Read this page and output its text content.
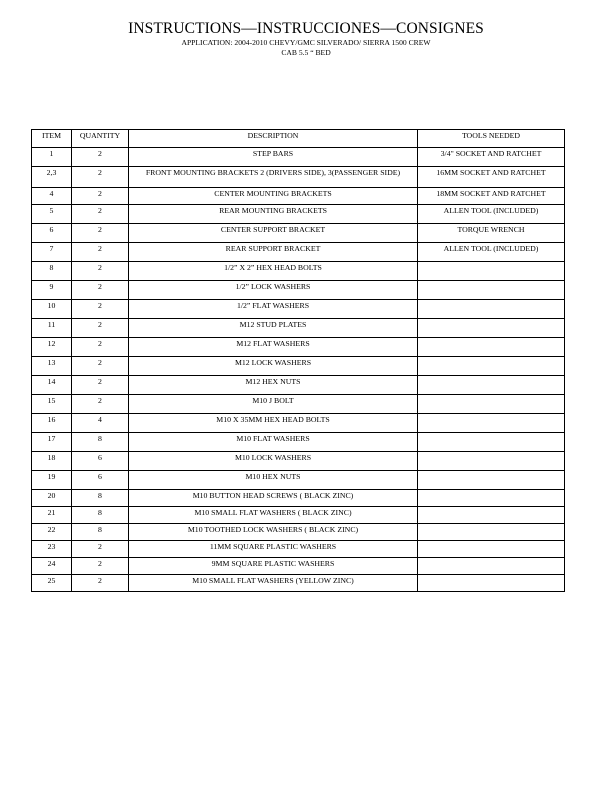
INSTRUCTIONS—INSTRUCCIONES—CONSIGNES

APPLICATION: 2004-2010 CHEVY/GMC SILVERADO/ SIERRA 1500 CREW

CAB 5.5 “ BED

ITEM	QUANTITY	DESCRIPTION	TOOLS NEEDED
1	2	STEP BARS	3/4" SOCKET AND RATCHET
2,3	2	FRONT MOUNTING BRACKETS 2 (DRIVERS SIDE), 3(PASSENGER SIDE)	16MM SOCKET AND RATCHET
4	2	CENTER MOUNTING BRACKETS	18MM SOCKET AND RATCHET
5	2	REAR MOUNTING BRACKETS	ALLEN TOOL (INCLUDED)
6	2	CENTER SUPPORT BRACKET	TORQUE WRENCH
7	2	REAR SUPPORT BRACKET	ALLEN TOOL (INCLUDED)
8	2	1/2” X 2” HEX HEAD BOLTS	
9	2	1/2” LOCK WASHERS	
10	2	1/2” FLAT WASHERS	
11	2	M12 STUD PLATES	
12	2	M12 FLAT WASHERS	
13	2	M12 LOCK WASHERS	
14	2	M12 HEX NUTS	
15	2	M10 J BOLT	
16	4	M10 X 35MM HEX HEAD BOLTS	
17	8	M10 FLAT WASHERS	
18	6	M10 LOCK WASHERS	
19	6	M10 HEX NUTS	
20	8	M10 BUTTON HEAD SCREWS ( BLACK ZINC)	
21	8	M10 SMALL FLAT WASHERS ( BLACK ZINC)	
22	8	M10 TOOTHED LOCK WASHERS ( BLACK ZINC)	
23	2	11MM SQUARE PLASTIC WASHERS	
24	2	9MM SQUARE PLASTIC WASHERS	
25	2	M10 SMALL FLAT WASHERS (YELLOW ZINC)	
